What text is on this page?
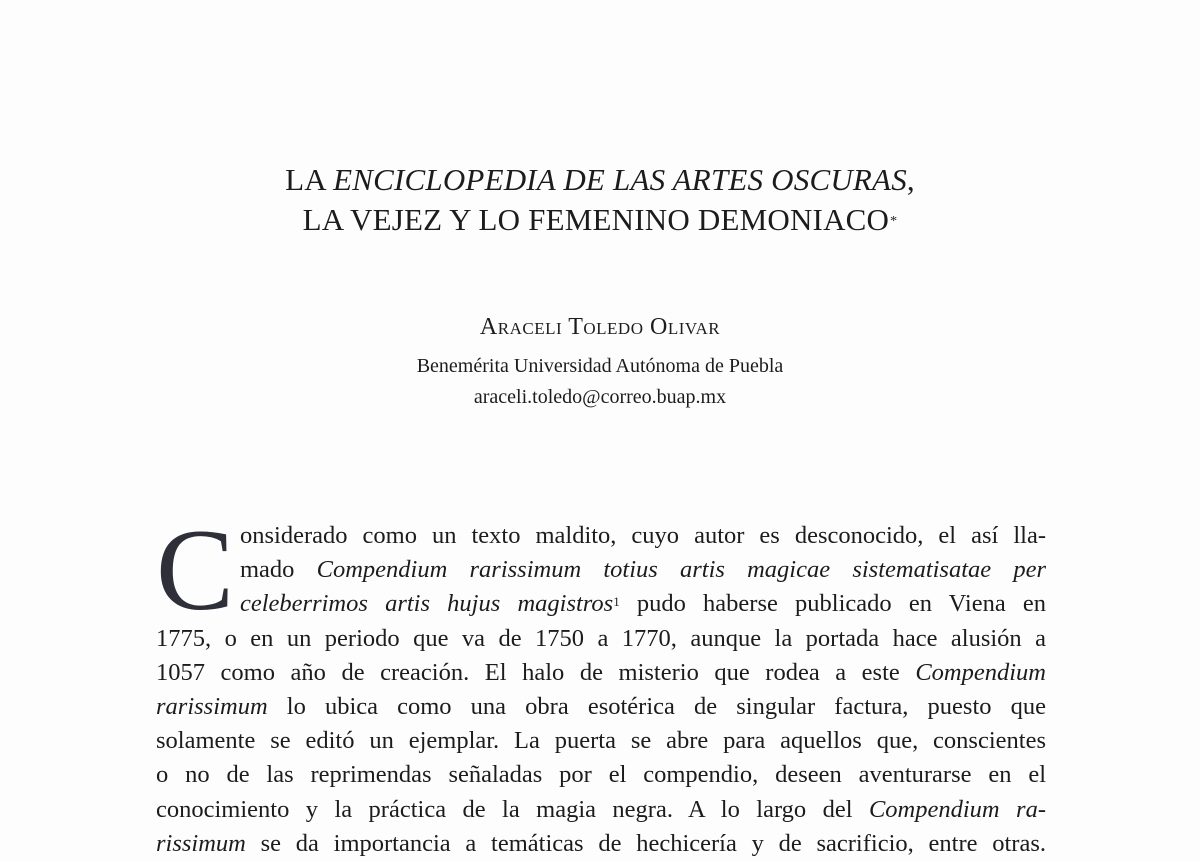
LA ENCICLOPEDIA DE LAS ARTES OSCURAS,
LA VEJEZ Y LO FEMENINO DEMONIACO*
Araceli Toledo Olivar
Benemérita Universidad Autónoma de Puebla
araceli.toledo@correo.buap.mx
C onsiderado como un texto maldito, cuyo autor es desconocido, el así lla-
mado Compendium rarissimum totius artis magicae sistematisatae per
celeberrimos artis hujus magistros$^1$ pudo haberse publicado en Viena en
1775, o en un periodo que va de 1750 a 1770, aunque la portada hace alusión a
1057 como año de creación. El halo de misterio que rodea a este Compendium
rarissimum lo ubica como una obra esotérica de singular factura, puesto que
solamente se editó un ejemplar. La puerta se abre para aquellos que, conscientes
o no de las reprimendas señaladas por el compendio, deseen aventurarse en el
conocimiento y la práctica de la magia negra. A lo largo del Compendium ra-
rissimum se da importancia a temáticas de hechicería y de sacrificio, entre otras.
